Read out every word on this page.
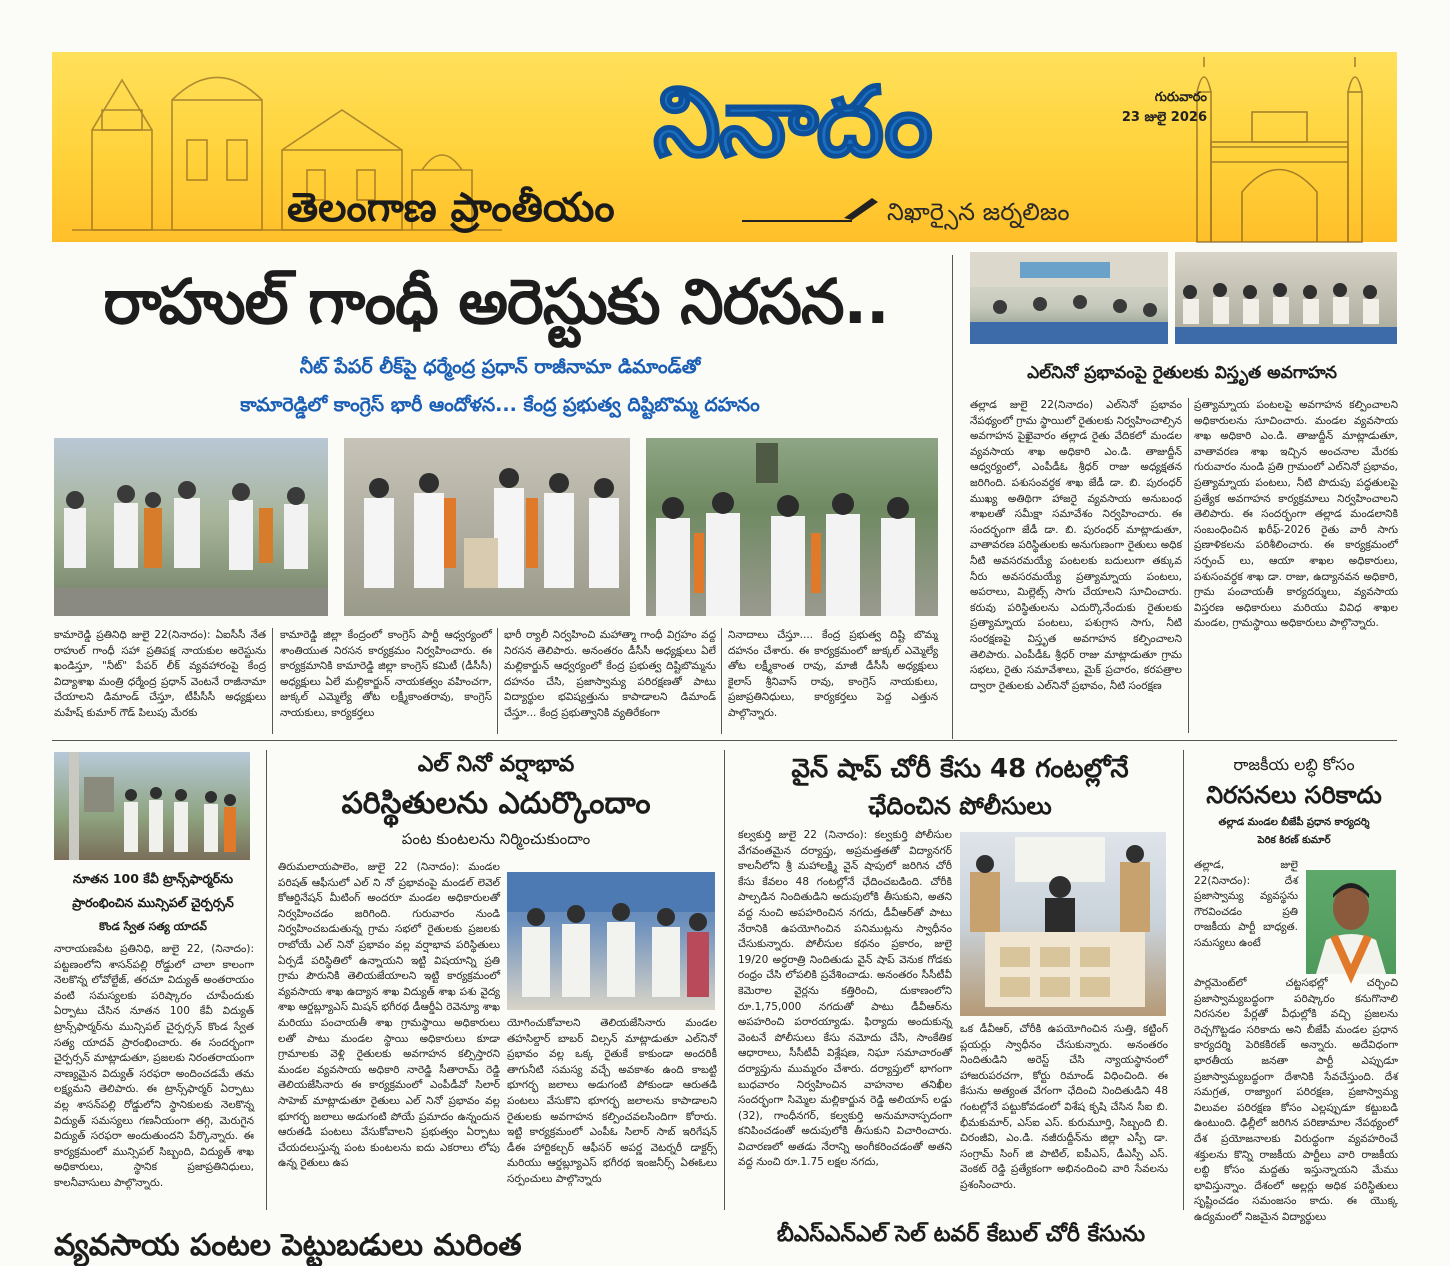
నినాదం	గురువారం
23 జులై 2026
తెలంగాణ ప్రాంతీయం	నిఖార్సైన జర్నలిజం
రాహుల్ గాంధీ అరెస్టుకు నిరసన..
నీట్ పేపర్ లీక్‌పై ధర్మేంద్ర ప్రధాన్ రాజీనామా డిమాండ్‌తో
కామారెడ్డిలో కాంగ్రెస్ భారీ ఆందోళన... కేంద్ర ప్రభుత్వ దిష్టిబొమ్మ దహనం
కామారెడ్డి ప్రతినిధి జులై 22(నినాదం): ఏఐసీసీ నేత రాహుల్ గాంధీ సహా ప్రతిపక్ష నాయకుల అరెస్టును ఖండిస్తూ, "నీట్" పేపర్ లీక్ వ్యవహారంపై కేంద్ర విద్యాశాఖ మంత్రి ధర్మేంద్ర ప్రధాన్ వెంటనే రాజీనామా చేయాలని డిమాండ్ చేస్తూ, టీపీసీసీ అధ్యక్షులు మహేష్ కుమార్ గౌడ్ పిలుపు మేరకు
కామారెడ్డి జిల్లా కేంద్రంలో కాంగ్రెస్ పార్టీ ఆధ్వర్యంలో శాంతియుత నిరసన కార్యక్రమం నిర్వహించారు. ఈ కార్యక్రమానికి కామారెడ్డి జిల్లా కాంగ్రెస్ కమిటీ (డీసీసీ) అధ్యక్షులు ఏలే మల్లికార్జున్ నాయకత్వం వహించగా, జుక్కల్ ఎమ్మెల్యే తోట లక్ష్మీకాంతరావు, కాంగ్రెస్ నాయకులు, కార్యకర్తలు
భారీ ర్యాలీ నిర్వహించి మహాత్మా గాంధీ విగ్రహం వద్ద నిరసన తెలిపారు. అనంతరం డీసీసీ అధ్యక్షులు ఏలే మల్లికార్జున్ ఆధ్వర్యంలో కేంద్ర ప్రభుత్వ దిష్టిబొమ్మను దహనం చేసి, ప్రజాస్వామ్య పరిరక్షణతో పాటు విద్యార్థుల భవిష్యత్తును కాపాడాలని డిమాండ్ చేస్తూ... కేంద్ర ప్రభుత్వానికి వ్యతిరేకంగా
నినాదాలు చేస్తూ.... కేంద్ర ప్రభుత్వ దిష్టి బొమ్మ దహనం చేశారు. ఈ కార్యక్రమంలో జుక్కల్ ఎమ్మెల్యే తోట లక్ష్మీకాంత రావు, మాజీ డీసీసీ అధ్యక్షులు కైలాస్ శ్రీనివాస్ రావు, కాంగ్రెస్ నాయకులు, ప్రజాప్రతినిధులు, కార్యకర్తలు పెద్ద ఎత్తున పాల్గొన్నారు.
ఎల్‌నినో ప్రభావంపై రైతులకు విస్తృత అవగాహన
తల్లాడ జులై 22(నినాదం) ఎల్‌నినో ప్రభావం నేపథ్యంలో గ్రామ స్థాయిలో రైతులకు నిర్వహించాల్సిన అవగాహన పైఖైవారం తల్లాడ రైతు వేదికలో మండల వ్యవసాయ శాఖ అధికారి ఎం.డి. తాజుద్దీన్ ఆధ్వర్యంలో, ఎంపీడీఓ శ్రీధర్ రాజు అధ్యక్షతన జరిగింది. పశుసంవర్ధక శాఖ జేడీ డా. బి. పురంధర్ ముఖ్య అతిథిగా హాజరై వ్యవసాయ అనుబంధ శాఖలతో సమీక్షా సమావేశం నిర్వహించారు. ఈ సందర్భంగా జేడీ డా. బి. పురంధర్ మాట్లాడుతూ, వాతావరణ పరిస్థితులకు అనుగుణంగా రైతులు అధిక నీటి అవసరమయ్యే పంటలకు బదులుగా తక్కువ నీరు అవసరమయ్యే ప్రత్యామ్నాయ పంటలు, అపరాలు, మిల్లెట్స్ సాగు చేయాలని సూచించారు. కరువు పరిస్థితులను ఎదుర్కొనేందుకు రైతులకు ప్రత్యామ్నాయ పంటలు, పశుగ్రాస సాగు, నీటి సంరక్షణపై విస్తృత అవగాహన కల్పించాలని తెలిపారు. ఎంపీడీఓ శ్రీధర్ రాజు మాట్లాడుతూ గ్రామ సభలు, రైతు సమావేశాలు, మైక్ ప్రచారం, కరపత్రాల ద్వారా రైతులకు ఎల్‌నినో ప్రభావం, నీటి సంరక్షణ
ప్రత్యామ్నాయ పంటలపై అవగాహన కల్పించాలని అధికారులను సూచించారు. మండల వ్యవసాయ శాఖ అధికారి ఎం.డి. తాజుద్దీన్ మాట్లాడుతూ, వాతావరణ శాఖ ఇచ్చిన అంచనాల మేరకు గురువారం నుండి ప్రతి గ్రామంలో ఎల్‌నినో ప్రభావం, ప్రత్యామ్నాయ పంటలు, నీటి పొదుపు పద్ధతులపై ప్రత్యేక అవగాహన కార్యక్రమాలు నిర్వహించాలని తెలిపారు. ఈ సందర్భంగా తల్లాడ మండలానికి సంబంధించిన ఖరీఫ్-2026 రైతు వారీ సాగు ప్రణాళికలను పరిశీలించారు. ఈ కార్యక్రమంలో సర్పంచ్ లు, ఆయా శాఖల అధికారులు, పశుసంవర్ధక శాఖ డా. రాజు, ఉద్యానవన అధికారి, గ్రామ పంచాయతీ కార్యదర్శులు, వ్యవసాయ విస్తరణ అధికారులు మరియు వివిధ శాఖల మండల, గ్రామస్థాయి అధికారులు పాల్గొన్నారు.
నూతన 100 కేవీ ట్రాన్స్‌ఫార్మర్‌ను
ప్రారంభించిన మున్సిపల్ చైర్పర్సన్
కొండ స్వేత సత్య యాదవ్
నారాయణపేట ప్రతినిధి, జులై 22, (నినాదం): పట్టణంలోని శాసన్‌పల్లి రోడ్డులో చాలా కాలంగా నెలకొన్న లోవోల్టేజ్, తరచూ విద్యుత్ అంతరాయం వంటి సమస్యలకు పరిష్కారం చూపేందుకు ఏర్పాటు చేసిన నూతన 100 కేవీ విద్యుత్ ట్రాన్స్‌ఫార్మర్‌ను మున్సిపల్ చైర్పర్సన్ కొండ స్వేత సత్య యాదవ్ ప్రారంభించారు. ఈ సందర్భంగా చైర్పర్సన్ మాట్లాడుతూ, ప్రజలకు నిరంతరాయంగా నాణ్యమైన విద్యుత్ సరఫరా అందించడమే తమ లక్ష్యమని తెలిపారు. ఈ ట్రాన్స్‌ఫార్మర్ ఏర్పాటు వల్ల శాసన్‌పల్లి రోడ్డులోని స్థానికులకు నెలకొన్న విద్యుత్ సమస్యలు గణనీయంగా తగ్గి, మెరుగైన విద్యుత్ సరఫరా అందుతుందని పేర్కొన్నారు. ఈ కార్యక్రమంలో మున్సిపల్ సిబ్బంది, విద్యుత్ శాఖ అధికారులు, స్థానిక ప్రజాప్రతినిధులు, కాలనీవాసులు పాల్గొన్నారు.
ఎల్ నినో వర్షాభావ
పరిస్థితులను ఎదుర్కొందాం
పంట కుంటలను నిర్మించుకుందాం
తిరుమలాయపాలెం, జులై 22 (నినాదం): మండల పరిషత్ ఆఫీసులో ఎల్ ని నో ప్రభావంపై మండల్ లెవెల్ కోఆర్డినేషన్ మీటింగ్ అందరూ మండల అధికారులతో నిర్వహించడం జరిగింది. గురువారం నుండి నిర్వహించబడుతున్న గ్రామ సభలో రైతులకు ప్రజలకు రాబోయే ఎల్ నినో ప్రభావం వల్ల వర్షాభావ పరిస్థితులు ఏర్పడే పరిస్థితిలో ఉన్నాయని ఇట్టి విషయాన్ని ప్రతి గ్రామ పౌరునికి తెలియజేయాలని ఇట్టి కార్యక్రమంలో వ్యవసాయ శాఖ ఉద్యాన శాఖ విద్యుత్ శాఖ పశు వైద్య శాఖ ఆర్డబ్ల్యూఎస్ మిషన్ భగీరథ డీఆర్డీఏ రెవెన్యూ శాఖ మరియు పంచాయతీ శాఖ గ్రామస్థాయి అధికారులు లతో పాటు మండల స్థాయి అధికారులు కూడా గ్రామాలకు వెళ్లి రైతులకు అవగాహన కల్పిస్తారని మండల వ్యవసాయ అధికారి నారెడ్డి సీతారామ్ రెడ్డి తెలియజేసినారు ఈ కార్యక్రమంలో ఎంపీడీవో సిలార్ సాహెబ్ మాట్లాడుతూ రైతులు ఎల్ నినో ప్రభావం వల్ల భూగర్భ జలాలు అడుగంటి పోయే ప్రమాదం ఉన్నందున ఆరుతడి పంటలు వేసుకోవాలని ప్రభుత్వం ఏర్పాటు చేయదలుస్తున్న పంట కుంటలను ఐదు ఎకరాలు లోపు ఉన్న రైతులు ఉప
యోగించుకోవాలని తెలియజేసినారు మండల తహసిల్దార్ బాబర్ విల్సన్ మాట్లాడుతూ ఎల్‌నినో ప్రభావం వల్ల ఒక్క రైతుకే కాకుండా అందరికీ తాగునీటి సమస్య వచ్చే అవకాశం ఉంది కాబట్టి భూగర్భ జలాలు అడుగంటి పోకుండా ఆరుతడి పంటలు వేసుకొని భూగర్భ జలాలను కాపాడాలని రైతులకు అవగాహన కల్పించవలసిందిగా కోరారు. ఇట్టి కార్యక్రమంలో ఎంపీఓ సిలార్ సాబ్ ఇరిగేషన్ డీఈ హార్టికల్చర్ ఆఫీసర్ అపర్ణ వెటర్నరీ డాక్టర్స్ మరియు ఆర్డబ్ల్యూఎస్ భగీరథ ఇంజనీర్స్ ఏఈఓలు సర్పంచులు పాల్గొన్నారు
వైన్ షాప్ చోరీ కేసు 48 గంటల్లోనే
ఛేదించిన పోలీసులు
కల్వకుర్తి జులై 22 (నినాదం): కల్వకుర్తి పోలీసుల వేగవంతమైన దర్యాప్తు, అప్రమత్తతతో విద్యానగర్ కాలనీలోని శ్రీ మహాలక్ష్మి వైన్ షాపులో జరిగిన చోరీ కేసు కేవలం 48 గంటల్లోనే ఛేదించబడింది. చోరీకి పాల్పడిన నిందితుడిని అదుపులోకి తీసుకుని, అతని వద్ద నుంచి అపహరించిన నగదు, డీవీఆర్‌తో పాటు నేరానికి ఉపయోగించిన పనిముట్లను స్వాధీనం చేసుకున్నారు. పోలీసుల కథనం ప్రకారం, జులై 19/20 అర్ధరాత్రి నిందితుడు వైన్ షాప్ వెనుక గోడకు రంధ్రం చేసి లోపలికి ప్రవేశించాడు. అనంతరం సీసీటీవీ కెమెరాల వైర్లను కత్తిరించి, దుకాణంలోని రూ.1,75,000 నగదుతో పాటు డీవీఆర్‌ను అపహరించి పరారయ్యాడు. ఫిర్యాదు అందుకున్న వెంటనే పోలీసులు కేసు నమోదు చేసి, సాంకేతిక ఆధారాలు, సీసీటీవీ విశ్లేషణ, నిఘా సమాచారంతో దర్యాప్తును ముమ్మరం చేశారు. దర్యాప్తులో భాగంగా బుధవారం నిర్వహించిన వాహనాల తనిఖీల సందర్భంగా సిమ్మెల మల్లికార్జున రెడ్డి అలియాస్ లడ్డు (32), గాంధీనగర్, కల్వకుర్తి అనుమానాస్పదంగా కనిపించడంతో అదుపులోకి తీసుకుని విచారించారు. విచారణలో అతడు నేరాన్ని అంగీకరించడంతో అతని వద్ద నుంచి రూ.1.75 లక్షల నగదు,
ఒక డీవీఆర్, చోరీకి ఉపయోగించిన సుత్తి, కట్టింగ్ ప్లయర్లు స్వాధీనం చేసుకున్నారు. అనంతరం నిందితుడిని అరెస్ట్ చేసి న్యాయస్థానంలో హాజరుపరచగా, కోర్టు రిమాండ్ విధించింది. ఈ కేసును అత్యంత వేగంగా ఛేదించి నిందితుడిని 48 గంటల్లోనే పట్టుకోవడంలో విశేష కృషి చేసిన సీఐ బి. భీమకుమార్, ఎస్ఐ ఎస్. కురుమూర్తి, సిబ్బంది బి. చిరంజీవి, ఎం.డి. నజీరుద్దీన్‌ను జిల్లా ఎస్పీ డా. సంగ్రామ్ సింగ్ జి పాటిల్, ఐపీఎస్, డీఎస్పీ ఎస్. వెంకట్ రెడ్డి ప్రత్యేకంగా అభినందించి వారి సేవలను ప్రశంసించారు.
రాజకీయ లబ్ధి కోసం
నిరసనలు సరికాదు
తల్లాడ మండల బీజేపీ ప్రధాన కార్యదర్శి
పెరిక కిరణ్ కుమార్
తల్లాడ, జులై 22(నినాదం): దేశ ప్రజాస్వామ్య వ్యవస్థను గౌరవించడం ప్రతి రాజకీయ పార్టీ బాధ్యత. సమస్యలు ఉంటే
పార్లమెంట్‌లో చట్టసభల్లో చర్చించి ప్రజాస్వామ్యబద్ధంగా పరిష్కారం కనుగొనాలి నిరసనల పేర్లతో వీధుల్లోకి వచ్చి ప్రజలను రెచ్చగొట్టడం సరికాదు అని బీజేపీ మండల ప్రధాన కార్యదర్శి పెరికకిరణ్ అన్నారు. అదేవిధంగా భారతీయ జనతా పార్టీ ఎప్పుడూ ప్రజాస్వామ్యబద్ధంగా దేశానికి సేవచేస్తుంది. దేశ సమగ్రత, రాజ్యాంగ పరిరక్షణ, ప్రజాస్వామ్య విలువల పరిరక్షణ కోసం ఎల్లప్పుడూ కట్టుబడి ఉంటుంది. ఢిల్లీలో జరిగిన పరిణామాల నేపథ్యంలో దేశ ప్రయోజనాలకు విరుద్ధంగా వ్యవహరించే శక్తులను కొన్ని రాజకీయ పార్టీలు వారి రాజకీయ లబ్ధి కోసం మద్దతు ఇస్తున్నాయని మేము భావిస్తున్నాం. దేశంలో అల్లర్లు అధిక పరిస్థితులు సృష్టించడం సమంజసం కాదు. ఈ యొక్క ఉద్యమంలో నిజమైన విద్యార్థులు
వ్యవసాయ పంటల పెట్టుబడులు మరింత	బీఎస్‌ఎన్‌ఎల్ సెల్ టవర్ కేబుల్ చోరీ కేసును
